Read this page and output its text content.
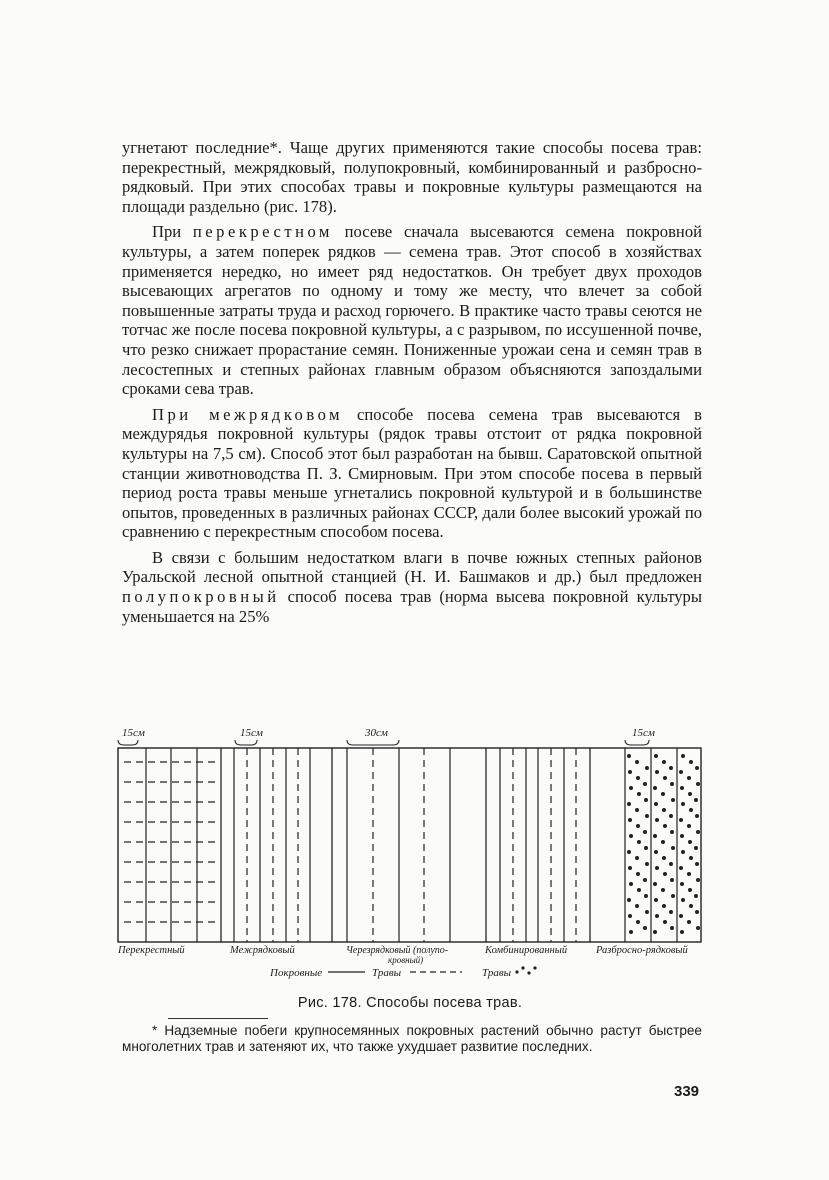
угнетают последние*. Чаще других применяются такие способы посева трав: перекрестный, межрядковый, полупокровный, комбинированный и разбросно-рядковый. При этих способах травы и покровные культуры размещаются на площади раздельно (рис. 178).

При перекрестном посеве сначала высеваются семена покровной культуры, а затем поперек рядков — семена трав. Этот способ в хозяйствах применяется нередко, но имеет ряд недостатков. Он требует двух проходов высевающих агрегатов по одному и тому же месту, что влечет за собой повышенные затраты труда и расход горючего. В практике часто травы сеются не тотчас же после посева покровной культуры, а с разрывом, по иссушенной почве, что резко снижает прорастание семян. Пониженные урожаи сена и семян трав в лесостепных и степных районах главным образом объясняются запоздалыми сроками сева трав.

При межрядковом способе посева семена трав высеваются в междурядья покровной культуры (рядок травы отстоит от рядка покровной культуры на 7,5 см). Способ этот был разработан на бывш. Саратовской опытной станции животноводства П. З. Смирновым. При этом способе посева в первый период роста травы меньше угнетались покровной культурой и в большинстве опытов, проведенных в различных районах СССР, дали более высокий урожай по сравнению с перекрестным способом посева.

В связи с большим недостатком влаги в почве южных степных районов Уральской лесной опытной станцией (Н. И. Башмаков и др.) был предложен полупокровный способ посева трав (норма высева покровной культуры уменьшается на 25%

15см	15см	30см	15см
Перекрестный	Межрядковый	Черезрядковый (полупо-
кровный)
Комбинированный	Разбросно-рядковый
Покровные	Травы	Травы
Рис. 178. Способы посева трав.
* Надземные побеги крупносемянных покровных растений обычно растут быстрее многолетних трав и затеняют их, что также ухудшает развитие последних.
339
